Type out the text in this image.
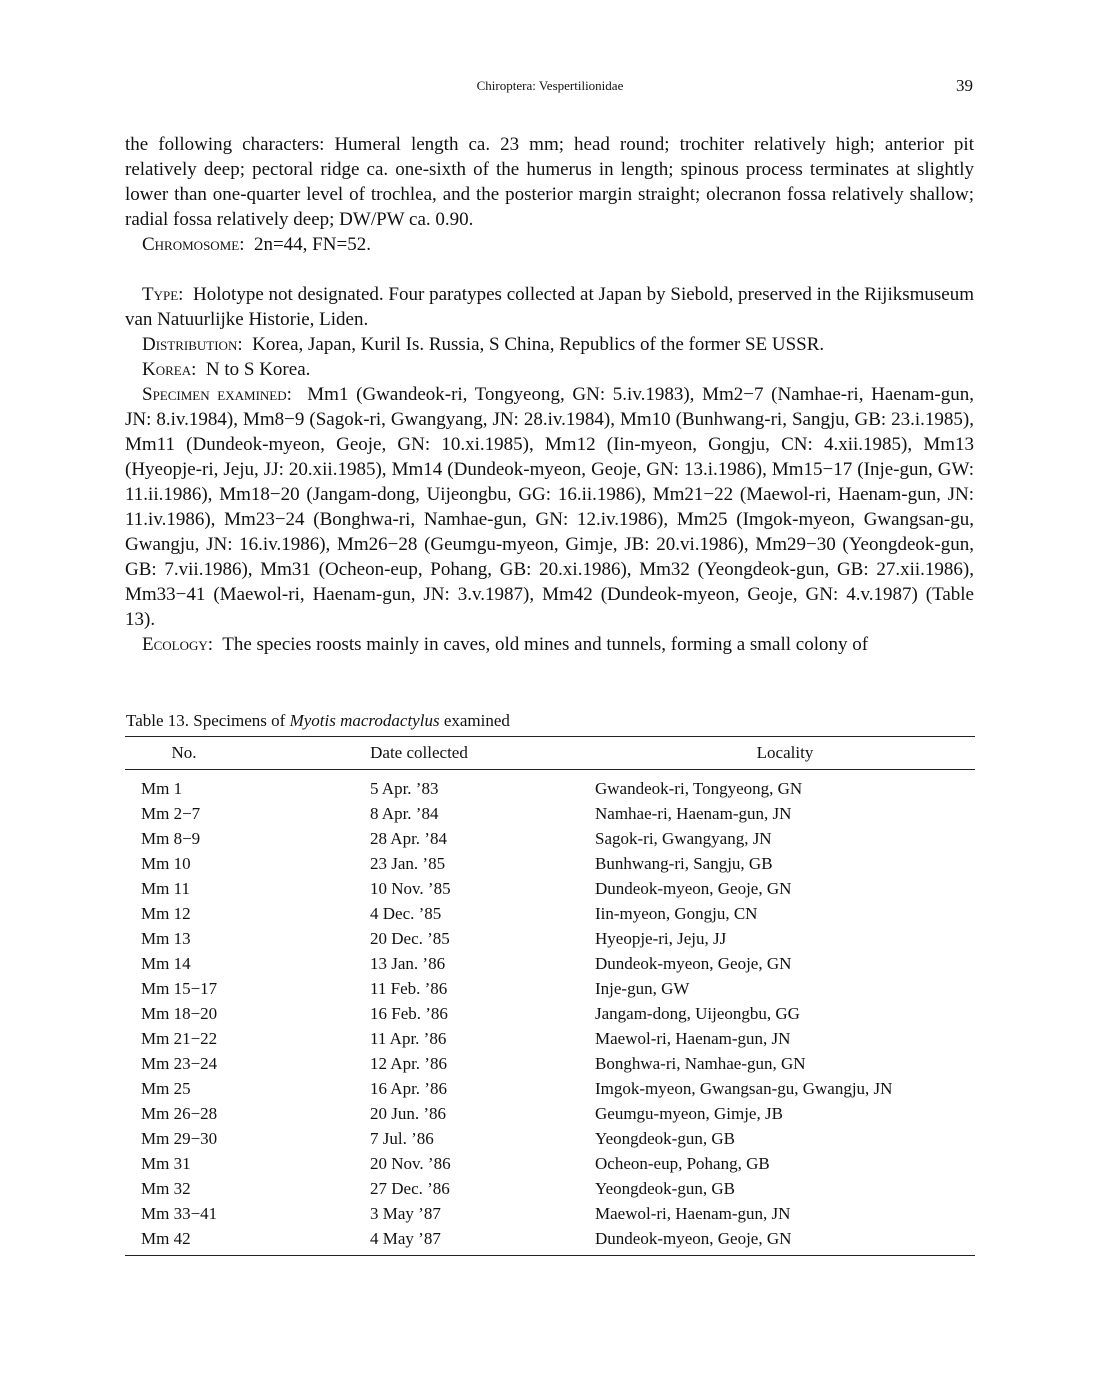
Chiroptera: Vespertilionidae	39

the following characters: Humeral length ca. 23 mm; head round; trochiter relatively high; anterior pit relatively deep; pectoral ridge ca. one-sixth of the humerus in length; spinous process terminates at slightly lower than one-quarter level of trochlea, and the posterior margin straight; olecranon fossa relatively shallow; radial fossa relatively deep; DW/PW ca. 0.90.

Chromosome:  2n=44, FN=52.

Type:  Holotype not designated. Four paratypes collected at Japan by Siebold, preserved in the Rijiksmuseum van Natuurlijke Historie, Liden.

Distribution:  Korea, Japan, Kuril Is. Russia, S China, Republics of the former SE USSR.

Korea:  N to S Korea.

Specimen examined:  Mm1 (Gwandeok-ri, Tongyeong, GN: 5.iv.1983), Mm2−7 (Namhae-ri, Haenam-gun, JN: 8.iv.1984), Mm8−9 (Sagok-ri, Gwangyang, JN: 28.iv.1984), Mm10 (Bunhwang-ri, Sangju, GB: 23.i.1985), Mm11 (Dundeok-myeon, Geoje, GN: 10.xi.1985), Mm12 (Iin-myeon, Gongju, CN: 4.xii.1985), Mm13 (Hyeopje-ri, Jeju, JJ: 20.xii.1985), Mm14 (Dundeok-myeon, Geoje, GN: 13.i.1986), Mm15−17 (Inje-gun, GW: 11.ii.1986), Mm18−20 (Jangam-dong, Uijeongbu, GG: 16.ii.1986), Mm21−22 (Maewol-ri, Haenam-gun, JN: 11.iv.1986), Mm23−24 (Bonghwa-ri, Namhae-gun, GN: 12.iv.1986), Mm25 (Imgok-myeon, Gwangsan-gu, Gwangju, JN: 16.iv.1986), Mm26−28 (Geumgu-myeon, Gimje, JB: 20.vi.1986), Mm29−30 (Yeongdeok-gun, GB: 7.vii.1986), Mm31 (Ocheon-eup, Pohang, GB: 20.xi.1986), Mm32 (Yeongdeok-gun, GB: 27.xii.1986), Mm33−41 (Maewol-ri, Haenam-gun, JN: 3.v.1987), Mm42 (Dundeok-myeon, Geoje, GN: 4.v.1987) (Table 13).

Ecology:  The species roosts mainly in caves, old mines and tunnels, forming a small colony of

Table 13. Specimens of Myotis macrodactylus examined
No.	Date collected	Locality
Mm 1	5 Apr. ’83	Gwandeok-ri, Tongyeong, GN
Mm 2−7	8 Apr. ’84	Namhae-ri, Haenam-gun, JN
Mm 8−9	28 Apr. ’84	Sagok-ri, Gwangyang, JN
Mm 10	23 Jan. ’85	Bunhwang-ri, Sangju, GB
Mm 11	10 Nov. ’85	Dundeok-myeon, Geoje, GN
Mm 12	4 Dec. ’85	Iin-myeon, Gongju, CN
Mm 13	20 Dec. ’85	Hyeopje-ri, Jeju, JJ
Mm 14	13 Jan. ’86	Dundeok-myeon, Geoje, GN
Mm 15−17	11 Feb. ’86	Inje-gun, GW
Mm 18−20	16 Feb. ’86	Jangam-dong, Uijeongbu, GG
Mm 21−22	11 Apr. ’86	Maewol-ri, Haenam-gun, JN
Mm 23−24	12 Apr. ’86	Bonghwa-ri, Namhae-gun, GN
Mm 25	16 Apr. ’86	Imgok-myeon, Gwangsan-gu, Gwangju, JN
Mm 26−28	20 Jun. ’86	Geumgu-myeon, Gimje, JB
Mm 29−30	7 Jul. ’86	Yeongdeok-gun, GB
Mm 31	20 Nov. ’86	Ocheon-eup, Pohang, GB
Mm 32	27 Dec. ’86	Yeongdeok-gun, GB
Mm 33−41	3 May ’87	Maewol-ri, Haenam-gun, JN
Mm 42	4 May ’87	Dundeok-myeon, Geoje, GN
